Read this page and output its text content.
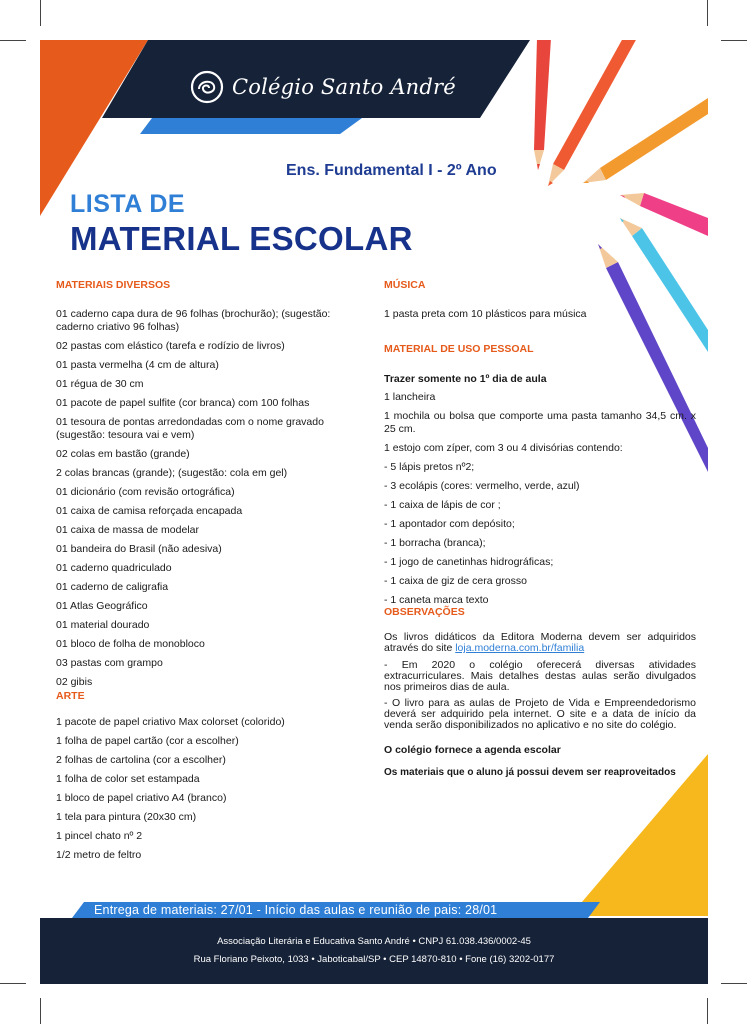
Colégio Santo André
Ens. Fundamental I - 2º Ano
LISTA DE
MATERIAL ESCOLAR
MATERIAIS DIVERSOS
01 caderno capa dura de 96 folhas (brochurão); (sugestão: caderno criativo 96 folhas)
02 pastas com elástico (tarefa e rodízio de livros)
01 pasta vermelha (4 cm de altura)
01 régua de 30 cm
01 pacote de papel sulfite (cor branca) com 100 folhas
01 tesoura de pontas arredondadas com o nome gravado (sugestão: tesoura vai e vem)
02 colas em bastão (grande)
2 colas brancas (grande); (sugestão: cola em gel)
01 dicionário (com revisão ortográfica)
01 caixa de camisa reforçada encapada
01 caixa de massa de modelar
01 bandeira do Brasil (não adesiva)
01 caderno quadriculado
01 caderno de caligrafia
01 Atlas Geográfico
01 material dourado
01 bloco de folha de monobloco
03 pastas com grampo
02 gibis
ARTE
1 pacote de papel criativo Max colorset (colorido)
1 folha de papel cartão (cor a escolher)
2 folhas de cartolina (cor a escolher)
1 folha de color set estampada
1 bloco de papel criativo A4 (branco)
1 tela para pintura (20x30 cm)
1 pincel chato nº 2
1/2 metro de feltro
MÚSICA
1 pasta preta com 10 plásticos para música
MATERIAL DE USO PESSOAL
Trazer somente no 1º dia de aula
1 lancheira
1 mochila ou bolsa que comporte uma pasta tamanho 34,5 cm. x 25 cm.
1 estojo com zíper, com 3 ou 4 divisórias contendo:
- 5 lápis pretos nº2;
- 3 ecolápis (cores: vermelho, verde, azul)
- 1 caixa de lápis de cor ;
- 1 apontador com depósito;
- 1 borracha (branca);
- 1 jogo de canetinhas hidrográficas;
- 1 caixa de giz de cera grosso
- 1 caneta marca texto
OBSERVAÇÕES
Os livros didáticos da Editora Moderna devem ser adquiridos através do site loja.moderna.com.br/familia
- Em 2020 o colégio oferecerá diversas atividades extracurriculares. Mais detalhes destas aulas serão divulgados nos primeiros dias de aula.
- O livro para as aulas de Projeto de Vida e Empreendedorismo deverá ser adquirido pela internet. O site e a data de início da venda serão disponibilizados no aplicativo e no site do colégio.
O colégio fornece a agenda escolar
Os materiais que o aluno já possui devem ser reaproveitados
Entrega de materiais: 27/01 - Início das aulas e reunião de pais: 28/01
Associação Literária e Educativa Santo André • CNPJ 61.038.436/0002-45
Rua Floriano Peixoto, 1033 • Jaboticabal/SP • CEP 14870-810 • Fone (16) 3202-0177
